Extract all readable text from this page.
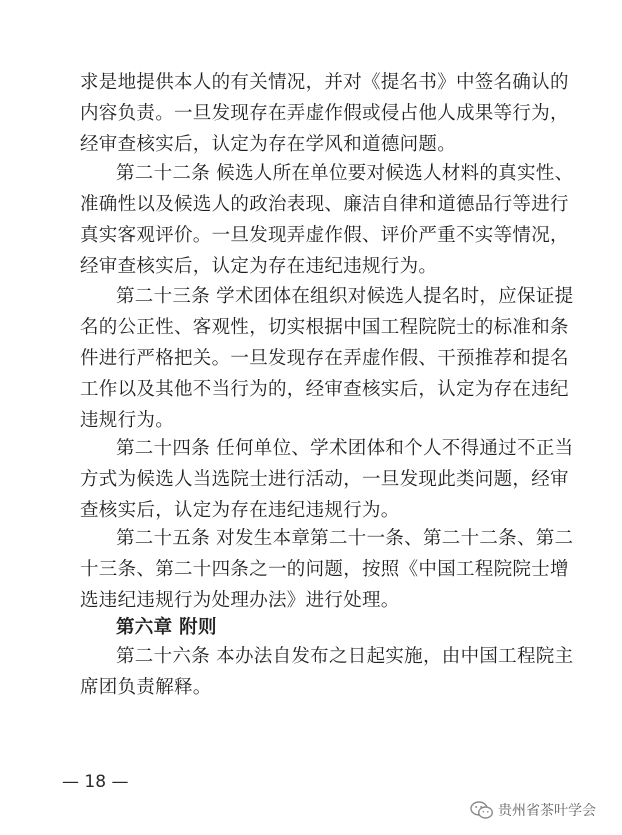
求是地提供本人的有关情况，并对《提名书》中签名确认的
内容负责。一旦发现存在弄虚作假或侵占他人成果等行为，
经审查核实后，认定为存在学风和道德问题。
第二十二条 候选人所在单位要对候选人材料的真实性、
准确性以及候选人的政治表现、廉洁自律和道德品行等进行
真实客观评价。一旦发现弄虚作假、评价严重不实等情况，
经审查核实后，认定为存在违纪违规行为。
第二十三条 学术团体在组织对候选人提名时，应保证提
名的公正性、客观性，切实根据中国工程院院士的标准和条
件进行严格把关。一旦发现存在弄虚作假、干预推荐和提名
工作以及其他不当行为的，经审查核实后，认定为存在违纪
违规行为。
第二十四条 任何单位、学术团体和个人不得通过不正当
方式为候选人当选院士进行活动，一旦发现此类问题，经审
查核实后，认定为存在违纪违规行为。
第二十五条 对发生本章第二十一条、第二十二条、第二
十三条、第二十四条之一的问题，按照《中国工程院院士增
选违纪违规行为处理办法》进行处理。
第六章 附则
第二十六条 本办法自发布之日起实施，由中国工程院主
席团负责解释。
— 18 —
贵州省茶叶学会
